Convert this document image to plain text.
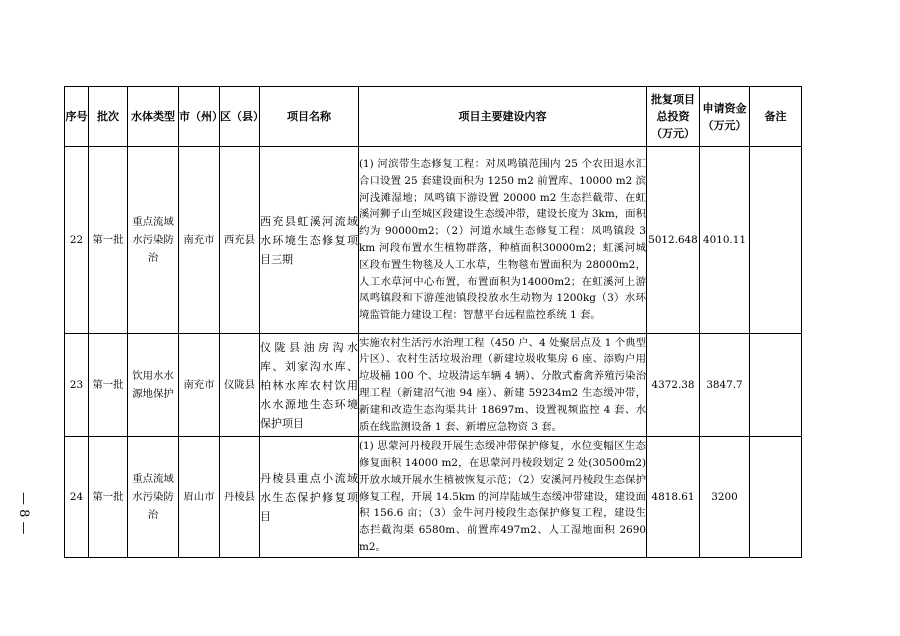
— 8 —
序号	批次	水体类型	市（州）	区（县）	项目名称	项目主要建设内容	批复项目总投资（万元）	申请资金（万元）	备注
22	第一批	重点流域水污染防治	南充市	西充县	西充县虹溪河流域水环境生态修复项目三期	(1) 河滨带生态修复工程：对凤鸣镇范围内 25 个农田退水汇合口设置 25 套建设面积为 1250 m2 前置库、10000 m2 滨河浅滩湿地；凤鸣镇下游设置 20000 m2 生态拦截带、在虹溪河狮子山至城区段建设生态缓冲带，建设长度为 3km，面积约为 90000m2；（2）河道水域生态修复工程：凤鸣镇段 3 km 河段布置水生植物群落，种植面积30000m2；虹溪河城区段布置生物毯及人工水草，生物毯布置面积为 28000m2，人工水草河中心布置，布置面积为14000m2；在虹溪河上游凤鸣镇段和下游莲池镇段投放水生动物为 1200kg（3）水环境监管能力建设工程：智慧平台远程监控系统 1 套。	5012.648	4010.11	
23	第一批	饮用水水源地保护	南充市	仪陇县	仪陇县油房沟水库、刘家沟水库、柏林水库农村饮用水水源地生态环境保护项目	实施农村生活污水治理工程（450 户、4 处聚居点及 1 个典型片区）、农村生活垃圾治理（新建垃圾收集房 6 座、添购户用垃圾桶 100 个、垃圾清运车辆 4 辆）、分散式畜禽养殖污染治理工程（新建沼气池 94 座）、新建 59234m2 生态缓冲带，新建和改造生态沟渠共计 18697m、设置视频监控 4 套、水质在线监测设备 1 套、新增应急物资 3 套。	4372.38	3847.7	
24	第一批	重点流域水污染防治	眉山市	丹棱县	丹棱县重点小流域水生态保护修复项目	(1) 思蒙河丹棱段开展生态缓冲带保护修复，水位变幅区生态修复面积 14000 m2，在思蒙河丹棱段划定 2 处(30500m2) 开放水域开展水生植被恢复示范；（2）安溪河丹棱段生态保护修复工程，开展 14.5km 的河岸陆域生态缓冲带建设，建设面积 156.6 亩；（3）金牛河丹棱段生态保护修复工程，建设生态拦截沟渠 6580m、前置库497m2、人工湿地面积 2690 m2。	4818.61	3200	
